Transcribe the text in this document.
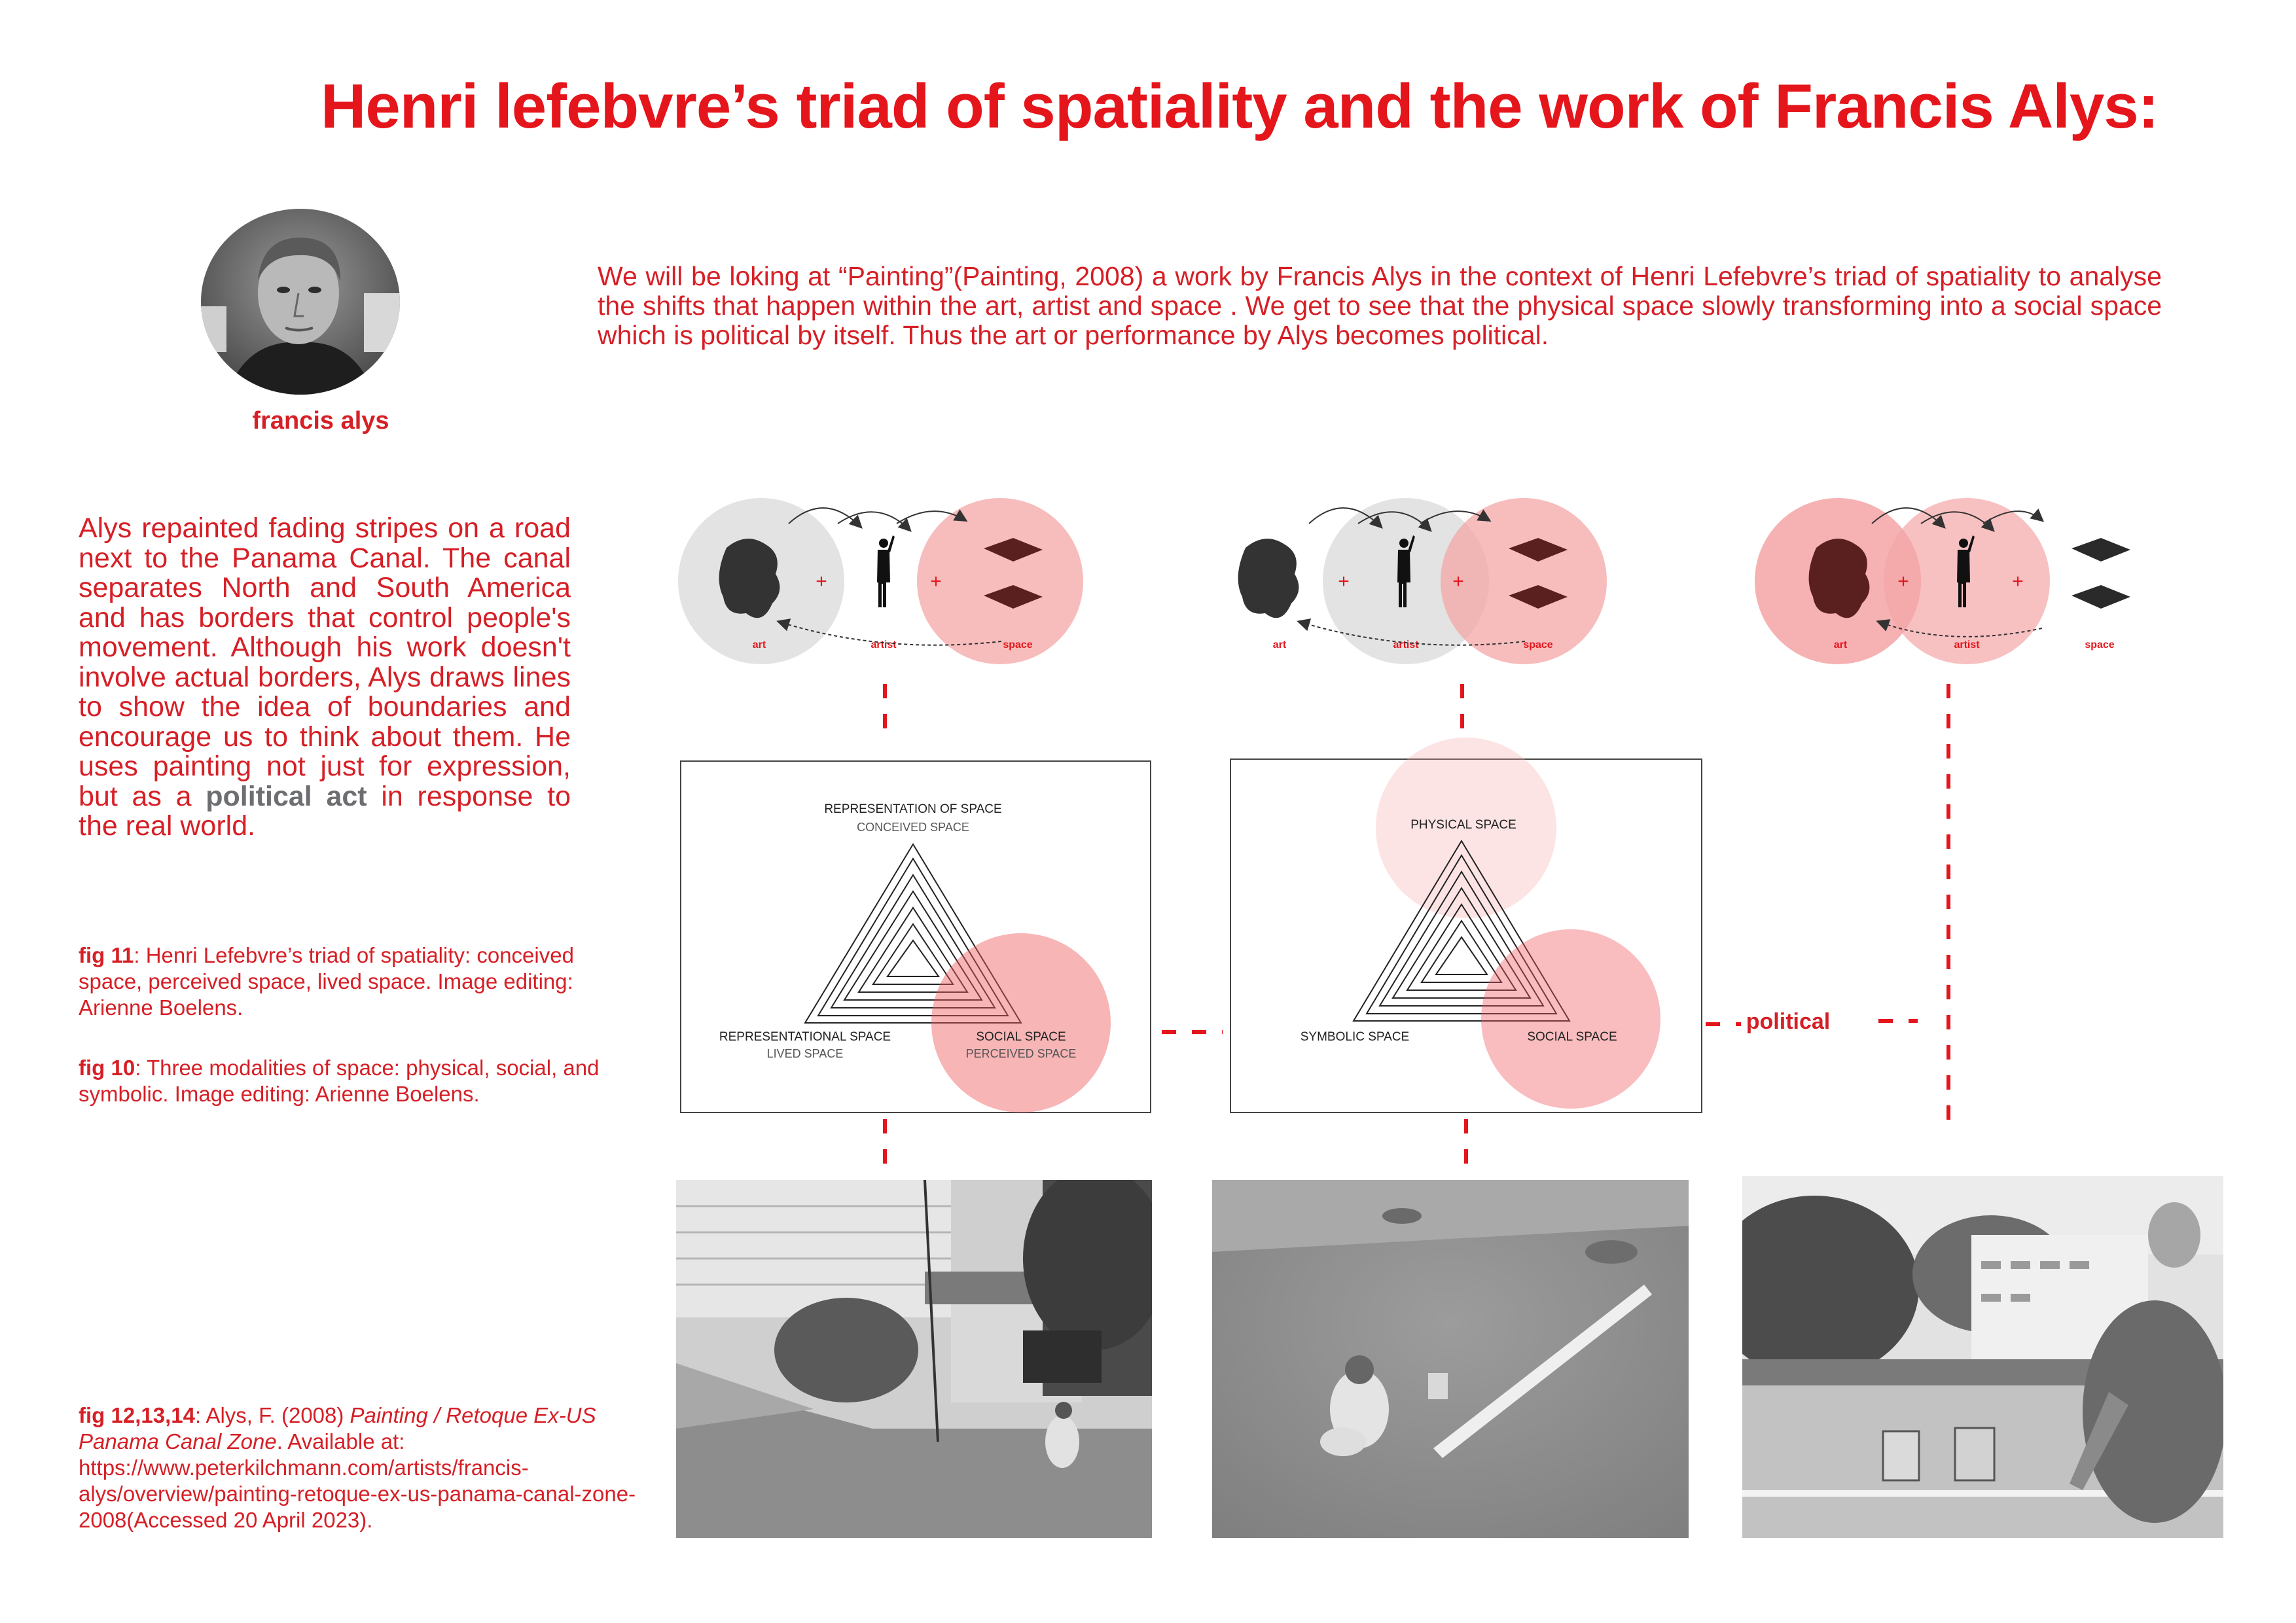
Henri lefebvre’s triad of spatiality and the work of Francis Alys:
francis alys
We will be loking at “Painting”(Painting, 2008) a work by Francis Alys in the context of Henri Lefebvre’s triad of spatiality to analyse the shifts that happen within the art, artist and space . We get to see that the physical space slowly transforming into a social space which is political by itself. Thus the art or performance by Alys becomes political.
Alys repainted fading stripes on a road next to the Panama Canal. The canal separates North and South America and has borders that control people's movement. Although his work doesn't involve actual borders, Alys draws lines to show the idea of boundaries and encourage us to think about them. He uses painting not just for expression, but as a political act in response to the real world.
fig 11: Henri Lefebvre’s triad of spatiality: conceived space, perceived space, lived space. Image editing: Arienne Boelens.
fig 10: Three modalities of space: physical, social, and symbolic. Image editing: Arienne Boelens.
fig 12,13,14: Alys, F. (2008) Painting / Retoque Ex-US Panama Canal Zone. Available at: https://www.peterkilchmann.com/artists/francis-alys/overview/painting-retoque-ex-us-panama-canal-zone-2008(Accessed 20 April 2023).
+	+
art	artist	space
+	+
art	artist	space
+	+
art	artist	space
political
REPRESENTATION OF SPACE
CONCEIVED SPACE
REPRESENTATIONAL SPACE
LIVED SPACE
SOCIAL SPACE
PERCEIVED SPACE
PHYSICAL SPACE
SYMBOLIC SPACE	SOCIAL SPACE
